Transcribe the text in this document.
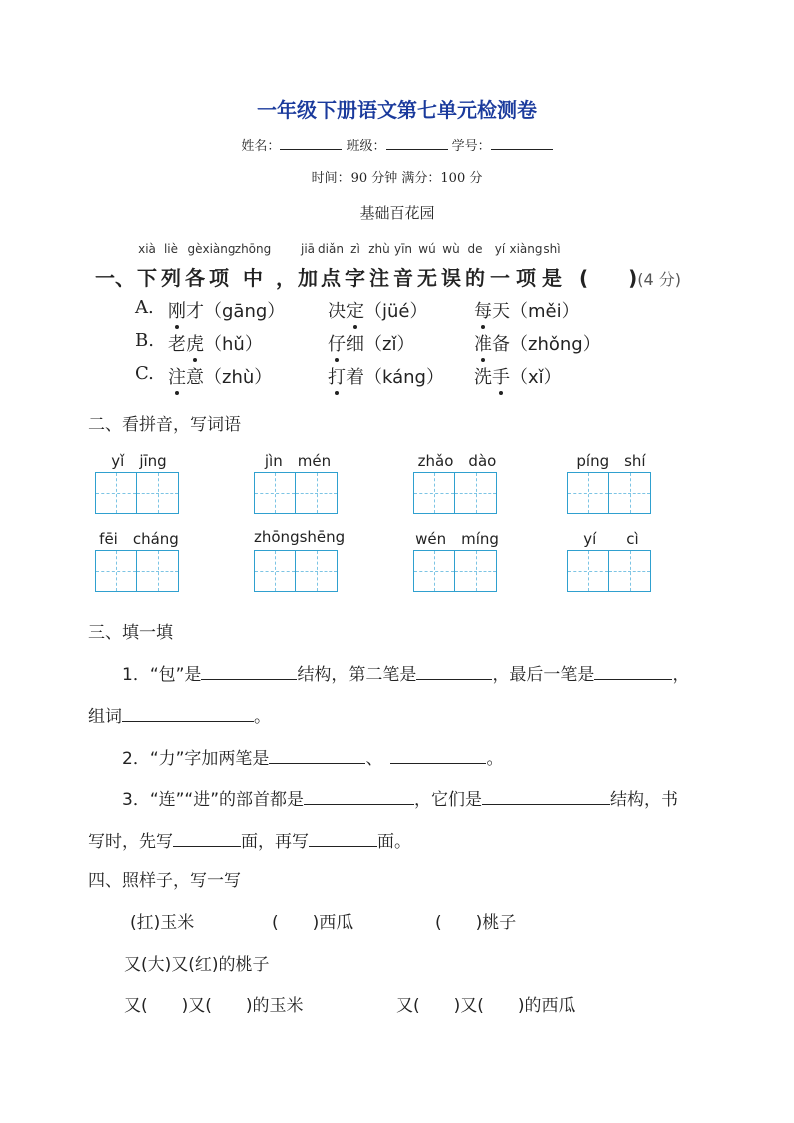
一年级下册语文第七单元检测卷
姓名：	班级：	学号：
时间：90 分钟 满分：100 分
基础百花园
一、 下
xià
列
liè
各
gè
项
xiàng
中
zhōng
， 加
jiā
点
diǎn
字
zì
注
zhù
音
yīn
无
wú
误
wù
的
de
一
yí
项
xiàng
是
shì
(　　)(4 分)
A. 刚才（gāng） 决定（jüé）	每天（měi）
B. 老虎（hǔ）	仔细（zǐ）	准备（zhǒng）
C. 注意（zhù）	打着（káng） 洗手（xǐ）
二、看拼音，写词语
yǐ　jīng	jìn　mén	zhǎo　dào	píng　shí
fēi　cháng	zhōngshēng	wén　míng	yí　　cì
三、填一填
1．“包”是	结构，第二笔是	，最后一笔是	，
组词	。
2．“力”字加两笔是	、	。
3．“连”“进”的部首都是	，它们是	结构，书
写时，先写	面，再写	面。
四、照样子，写一写
(扛)玉米	(　　)西瓜	(　　)桃子
又(大)又(红)的桃子
又(　　)又(　　)的玉米	又(　　)又(　　)的西瓜
